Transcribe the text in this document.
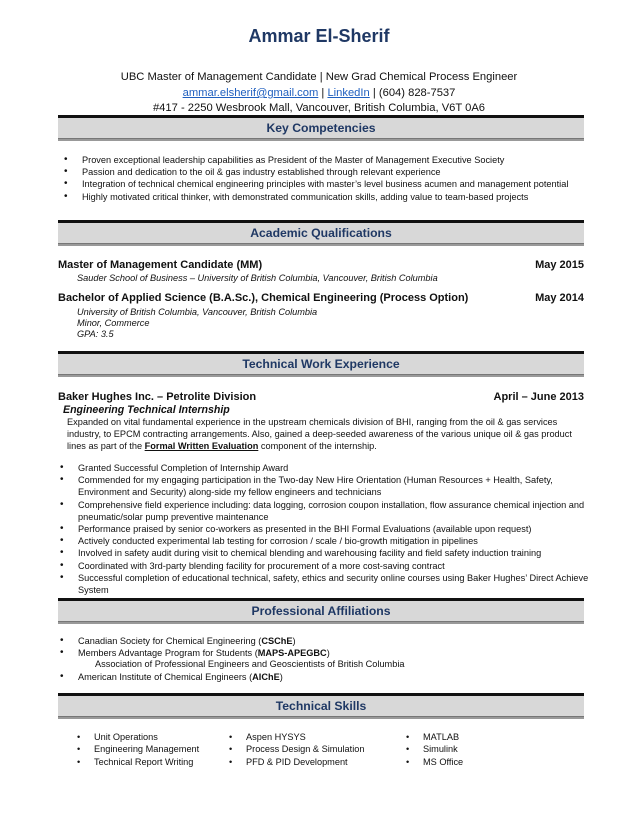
Ammar El-Sherif
UBC Master of Management Candidate | New Grad Chemical Process Engineer
ammar.elsherif@gmail.com | LinkedIn | (604) 828-7537
#417 - 2250 Wesbrook Mall, Vancouver, British Columbia, V6T 0A6
Key Competencies
• Proven exceptional leadership capabilities as President of the Master of Management Executive Society
• Passion and dedication to the oil & gas industry established through relevant experience
• Integration of technical chemical engineering principles with master’s level business acumen and management potential
• Highly motivated critical thinker, with demonstrated communication skills, adding value to team-based projects
Academic Qualifications
Master of Management Candidate (MM)	May 2015
Sauder School of Business – University of British Columbia, Vancouver, British Columbia
Bachelor of Applied Science (B.A.Sc.), Chemical Engineering (Process Option)	May 2014
University of British Columbia, Vancouver, British Columbia
Minor, Commerce
GPA: 3.5
Technical Work Experience
Baker Hughes Inc. – Petrolite Division	April – June 2013
Engineering Technical Internship
Expanded on vital fundamental experience in the upstream chemicals division of BHI, ranging from the oil & gas services industry, to EPCM contracting arrangements. Also, gained a deep-seeded awareness of the various unique oil & gas product lines as part of the Formal Written Evaluation component of the internship.
• Granted Successful Completion of Internship Award
• Commended for my engaging participation in the Two-day New Hire Orientation (Human Resources + Health, Safety, Environment and Security) along-side my fellow engineers and technicians
• Comprehensive field experience including: data logging, corrosion coupon installation, flow assurance chemical injection and pneumatic/solar pump preventive maintenance
• Performance praised by senior co-workers as presented in the BHI Formal Evaluations (available upon request)
• Actively conducted experimental lab testing for corrosion / scale / bio-growth mitigation in pipelines
• Involved in safety audit during visit to chemical blending and warehousing facility and field safety induction training
• Coordinated with 3rd-party blending facility for procurement of a more cost-saving contract
• Successful completion of educational technical, safety, ethics and security online courses using Baker Hughes’ Direct Achieve System
Professional Affiliations
• Canadian Society for Chemical Engineering (CSChE)
• Members Advantage Program for Students (MAPS-APEGBC)
Association of Professional Engineers and Geoscientists of British Columbia
• American Institute of Chemical Engineers (AIChE)
Technical Skills
• Unit Operations
• Engineering Management
• Technical Report Writing
• Aspen HYSYS
• Process Design & Simulation
• PFD & PID Development
• MATLAB
• Simulink
• MS Office
